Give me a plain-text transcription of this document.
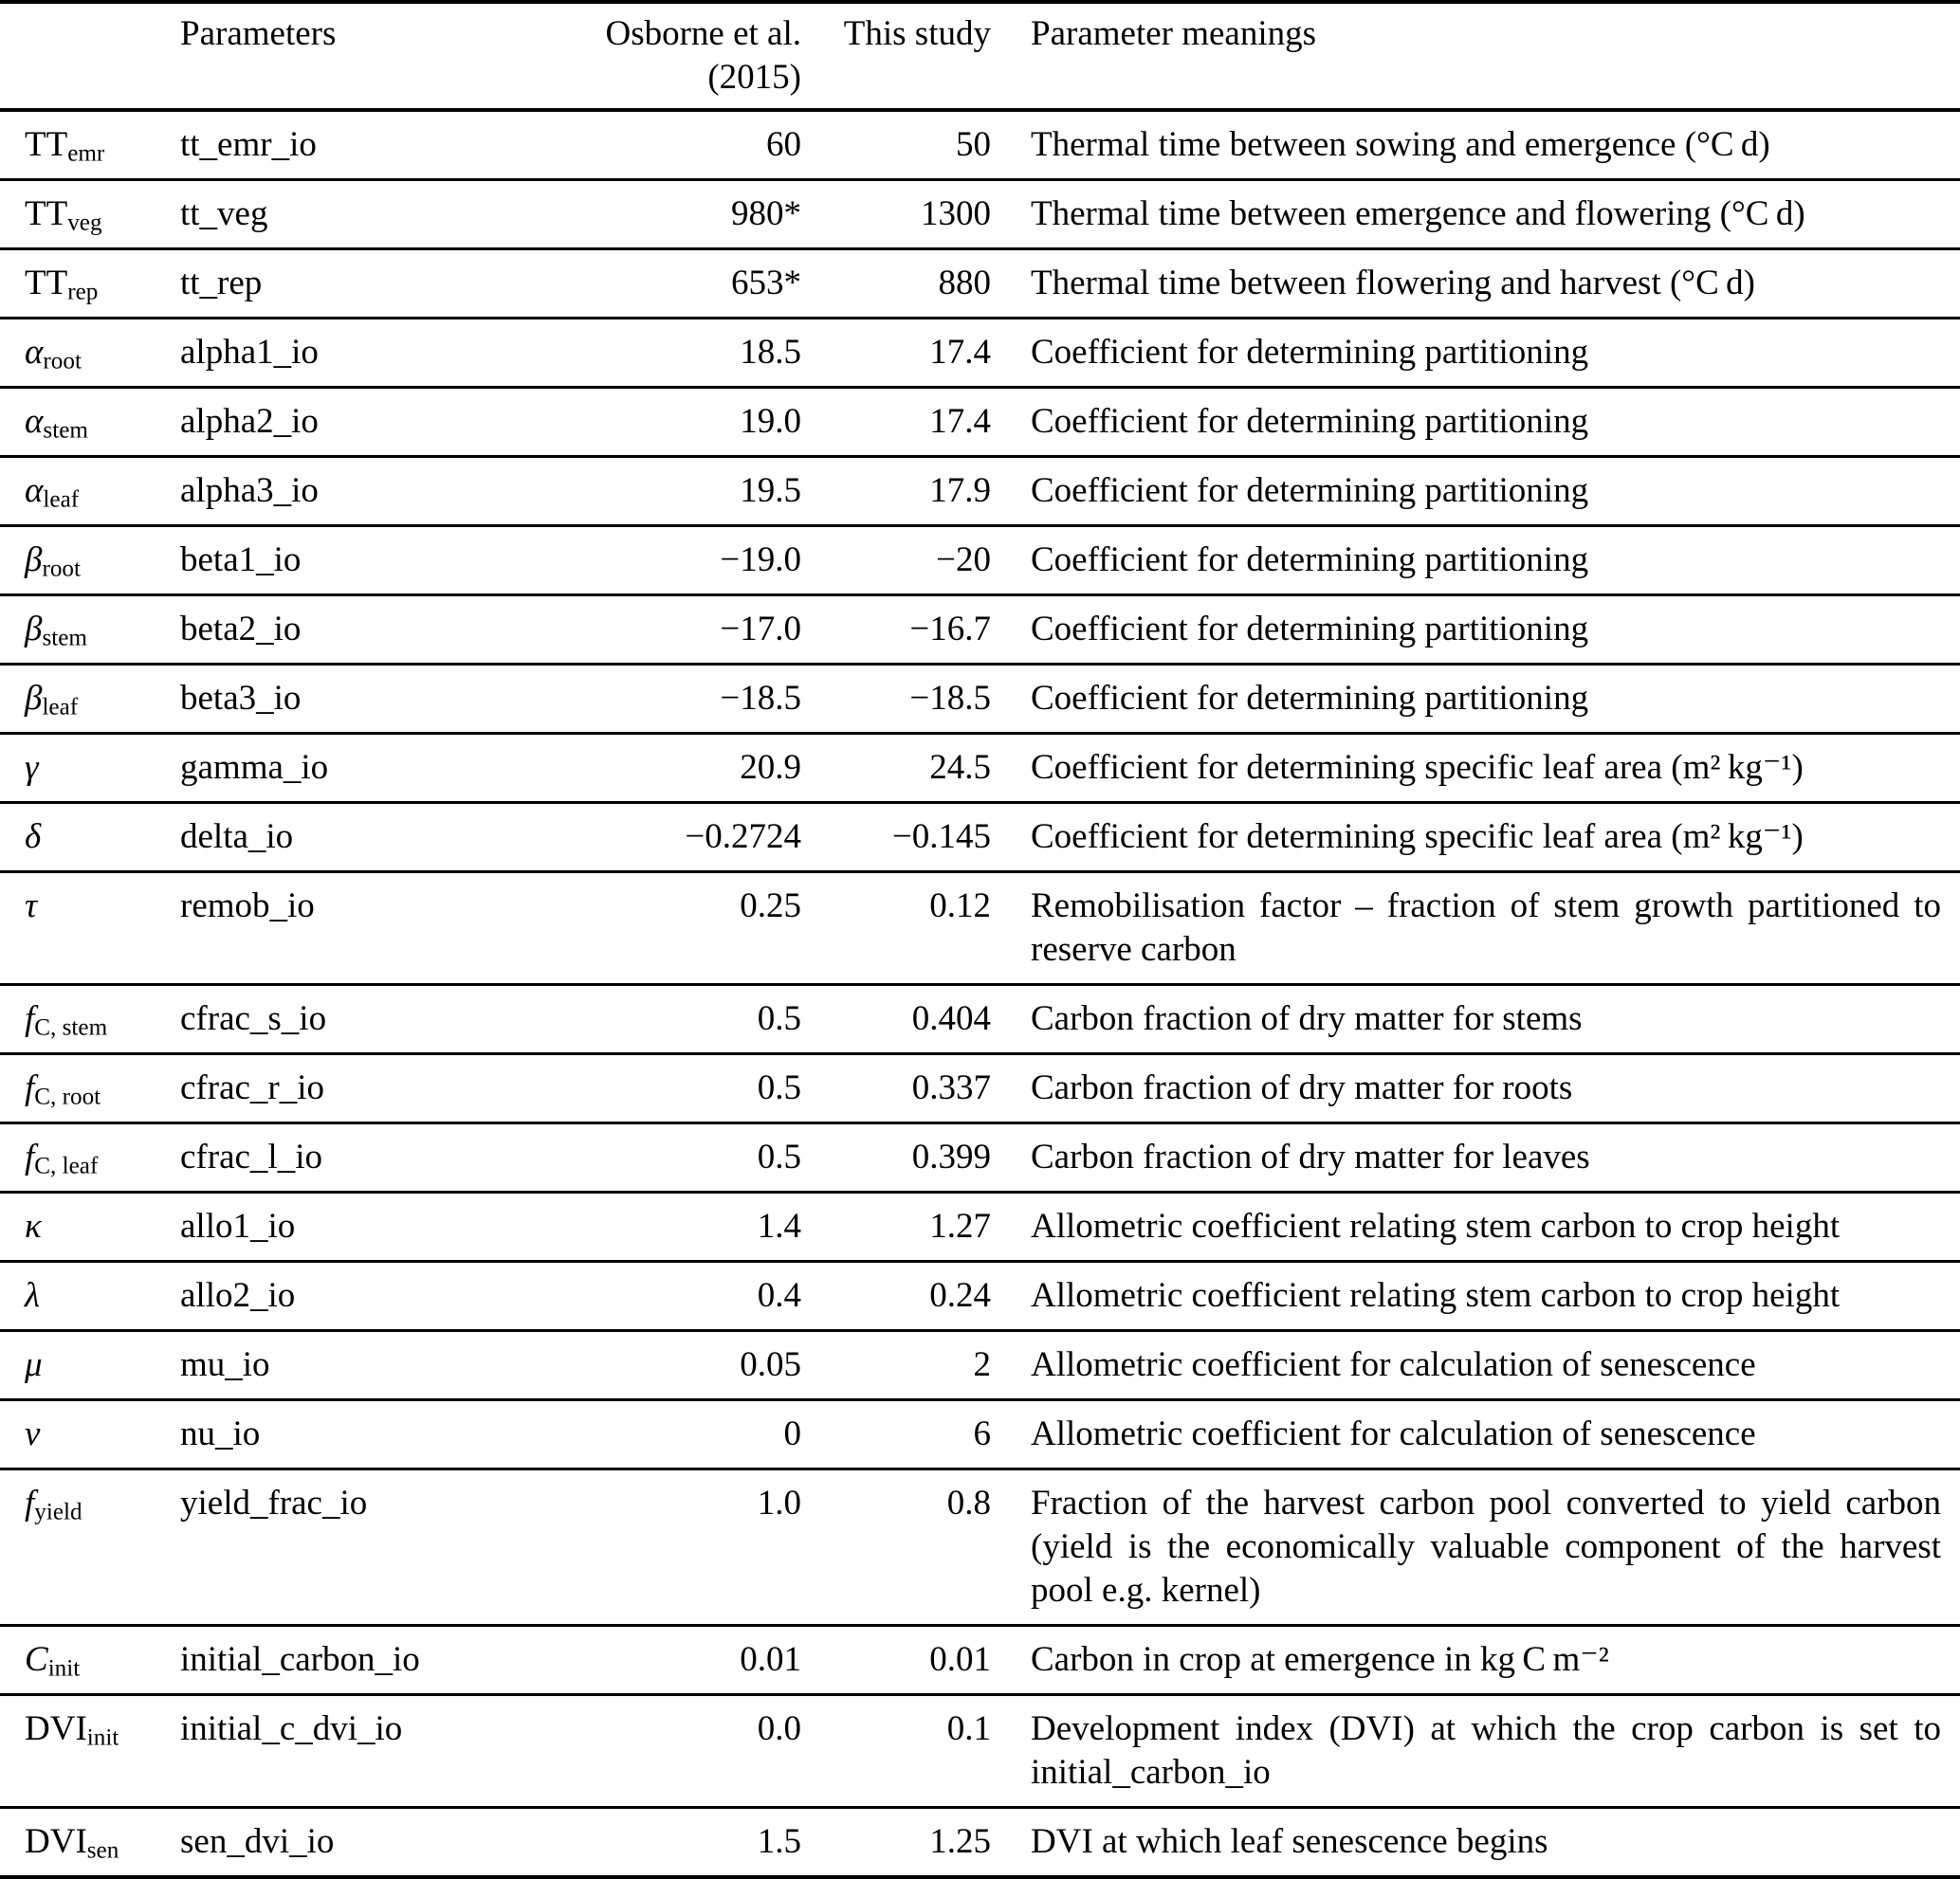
	Parameters	Osborne et al. (2015)	This study	Parameter meanings
$TT_{emr}$	tt_emr_io	60	50	Thermal time between sowing and emergence (°C d)
$TT_{veg}$	tt_veg	980*	1300	Thermal time between emergence and flowering (°C d)
$TT_{rep}$	tt_rep	653*	880	Thermal time between flowering and harvest (°C d)
$\alpha_{root}$	alpha1_io	18.5	17.4	Coefficient for determining partitioning
$\alpha_{stem}$	alpha2_io	19.0	17.4	Coefficient for determining partitioning
$\alpha_{leaf}$	alpha3_io	19.5	17.9	Coefficient for determining partitioning
$\beta_{root}$	beta1_io	−19.0	−20	Coefficient for determining partitioning
$\beta_{stem}$	beta2_io	−17.0	−16.7	Coefficient for determining partitioning
$\beta_{leaf}$	beta3_io	−18.5	−18.5	Coefficient for determining partitioning
γ	gamma_io	20.9	24.5	Coefficient for determining specific leaf area (m² kg⁻¹)
δ	delta_io	−0.2724	−0.145	Coefficient for determining specific leaf area (m² kg⁻¹)
τ	remob_io	0.25	0.12	Remobilisation factor – fraction of stem growth partitioned to reserve carbon
$f_{C, stem}$	cfrac_s_io	0.5	0.404	Carbon fraction of dry matter for stems
$f_{C, root}$	cfrac_r_io	0.5	0.337	Carbon fraction of dry matter for roots
$f_{C, leaf}$	cfrac_l_io	0.5	0.399	Carbon fraction of dry matter for leaves
κ	allo1_io	1.4	1.27	Allometric coefficient relating stem carbon to crop height
λ	allo2_io	0.4	0.24	Allometric coefficient relating stem carbon to crop height
μ	mu_io	0.05	2	Allometric coefficient for calculation of senescence
ν	nu_io	0	6	Allometric coefficient for calculation of senescence
$f_{yield}$	yield_frac_io	1.0	0.8	Fraction of the harvest carbon pool converted to yield carbon (yield is the economically valuable component of the harvest pool e.g. kernel)
$C_{init}$	initial_carbon_io	0.01	0.01	Carbon in crop at emergence in kg C m⁻²
$DVI_{init}$	initial_c_dvi_io	0.0	0.1	Development index (DVI) at which the crop carbon is set to initial_carbon_io
$DVI_{sen}$	sen_dvi_io	1.5	1.25	DVI at which leaf senescence begins
